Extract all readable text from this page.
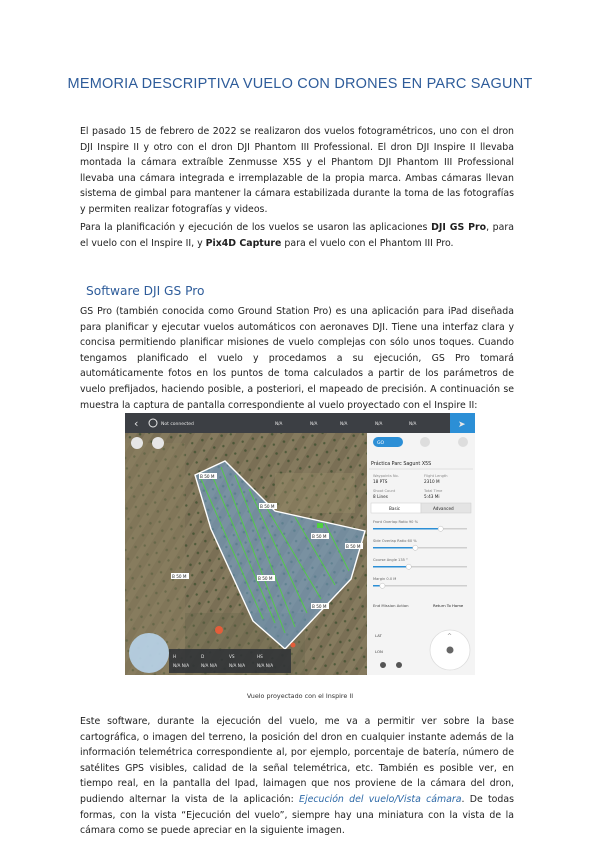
MEMORIA DESCRIPTIVA VUELO CON DRONES EN PARC SAGUNT

El pasado 15 de febrero de 2022 se realizaron dos vuelos fotogramétricos, uno con el dron DJI Inspire II y otro con el dron DJI Phantom III Professional. El dron DJI Inspire II llevaba montada la cámara extraíble Zenmusse X5S y el Phantom DJI Phantom III Professional llevaba una cámara integrada e irremplazable de la propia marca. Ambas cámaras llevan sistema de gimbal para mantener la cámara estabilizada durante la toma de las fotografías y permiten realizar fotografías y videos.

Para la planificación y ejecución de los vuelos se usaron las aplicaciones DJI GS Pro, para el vuelo con el Inspire II, y Pix4D Capture para el vuelo con el Phantom III Pro.

Software DJI GS Pro

GS Pro (también conocida como Ground Station Pro) es una aplicación para iPad diseñada para planificar y ejecutar vuelos automáticos con aeronaves DJI. Tiene una interfaz clara y concisa permitiendo planificar misiones de vuelo complejas con sólo unos toques. Cuando tengamos planificado el vuelo y procedamos a su ejecución, GS Pro tomará automáticamente fotos en los puntos de toma calculados a partir de los parámetros de vuelo prefijados, haciendo posible, a posteriori, el mapeado de precisión. A continuación se muestra la captura de pantalla correspondiente al vuelo proyectado con el Inspire II:

B 50 M
B 50 M
B 50 M	B 50 M
B 50 M
B 50 M
B 50 M
‹	Not connected	N/A	N/A	N/A	N/A	N/A	➤
H
N/A N/A
D
N/A N/A
VS
N/A N/A
HS
N/A N/A
GO
Práctica Parc Sagunt X5S
Waypoints No.
18 PTS
Flight Length
2310 M
Shoot Count
8 Lines
Total Time
5:43 Mi
Basic	Advanced
Front Overlap Ratio 90 %
Side Overlap Ratio 60 %
Course Angle 135 °
Margin 0.0 M
End Mission Action	Return To Home
LAT
LON
^
Vuelo proyectado con el Inspire II

Este software, durante la ejecución del vuelo, me va a permitir ver sobre la base cartográfica, o imagen del terreno, la posición del dron en cualquier instante además de la información telemétrica correspondiente al, por ejemplo, porcentaje de batería, número de satélites GPS visibles, calidad de la señal telemétrica, etc. También es posible ver, en tiempo real, en la pantalla del Ipad, laimagen que nos proviene de la cámara del dron, pudiendo alternar la vista de la aplicación: Ejecución del vuelo/Vista cámara. De todas formas, con la vista “Ejecución del vuelo”, siempre hay una miniatura con la vista de la cámara como se puede apreciar en la siguiente imagen.
